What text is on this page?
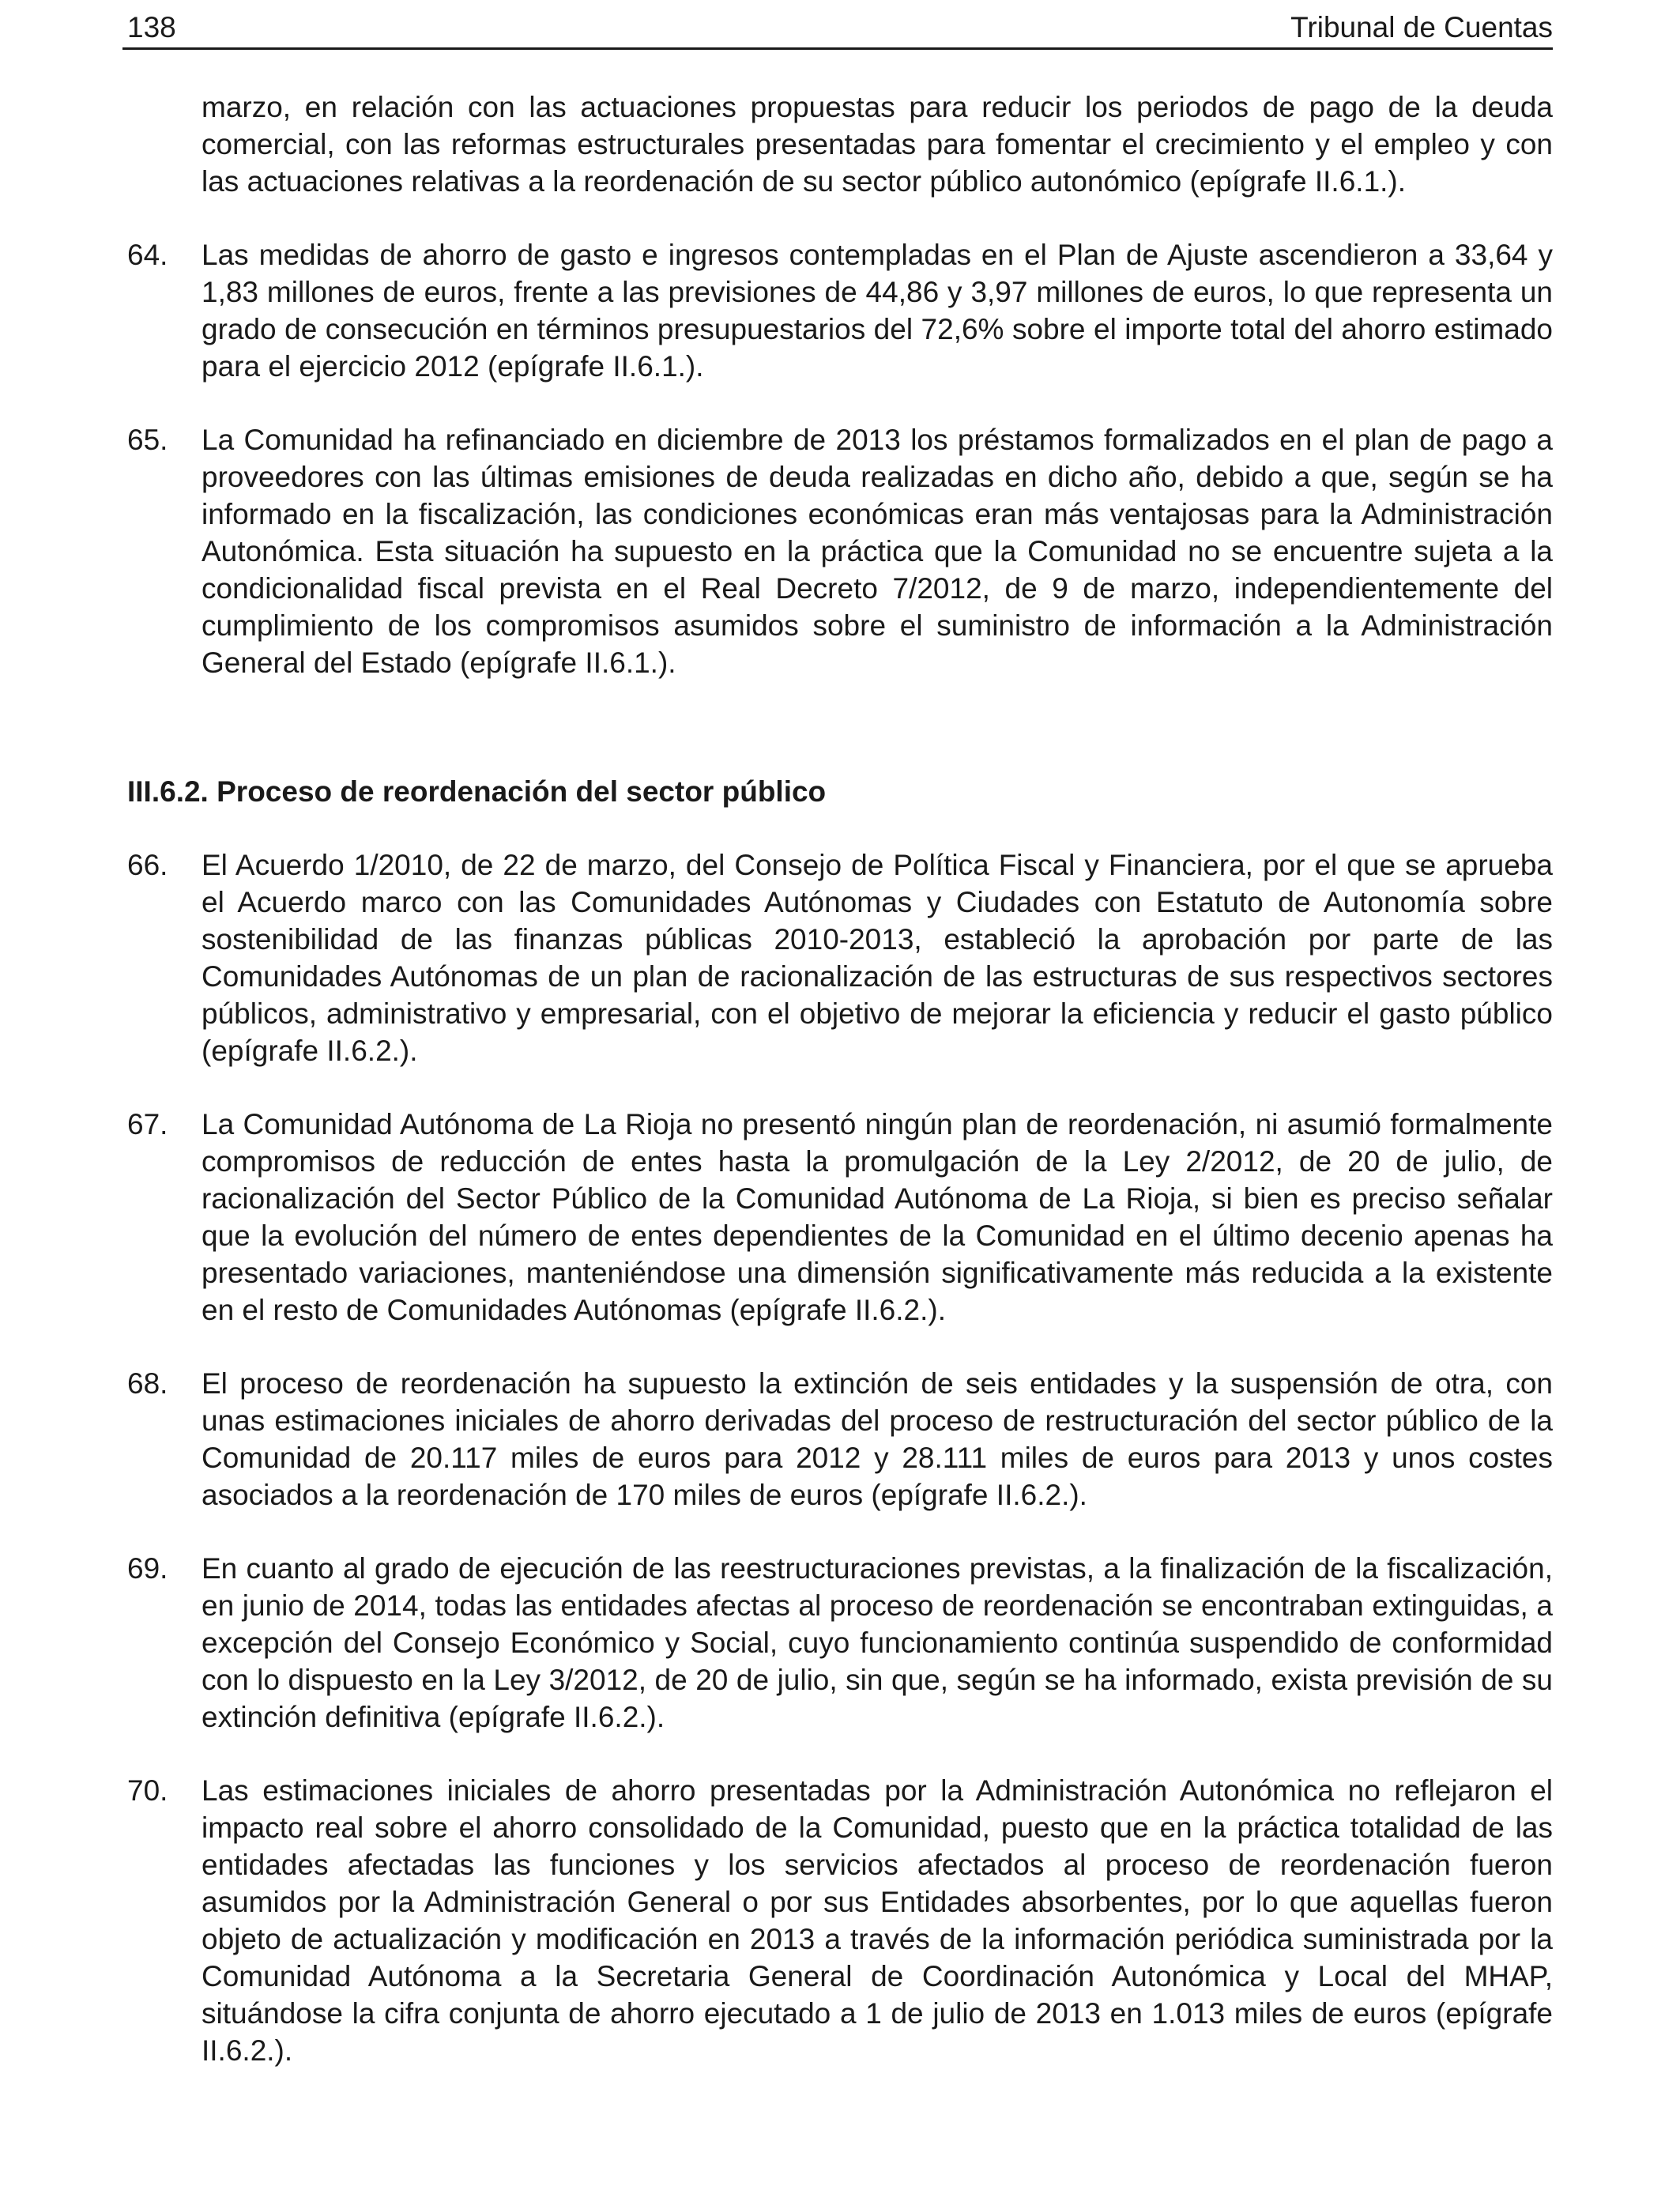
138	Tribunal de Cuentas
marzo, en relación con las actuaciones propuestas para reducir los periodos de pago de la deuda comercial, con las reformas estructurales presentadas para fomentar el crecimiento y el empleo y con las actuaciones relativas a la reordenación de su sector público autonómico (epígrafe II.6.1.).
64. Las medidas de ahorro de gasto e ingresos contempladas en el Plan de Ajuste ascendieron a 33,64 y 1,83 millones de euros, frente a las previsiones de 44,86 y 3,97 millones de euros, lo que representa un grado de consecución en términos presupuestarios del 72,6% sobre el importe total del ahorro estimado para el ejercicio 2012 (epígrafe II.6.1.).
65. La Comunidad ha refinanciado en diciembre de 2013 los préstamos formalizados en el plan de pago a proveedores con las últimas emisiones de deuda realizadas en dicho año, debido a que, según se ha informado en la fiscalización, las condiciones económicas eran más ventajosas para la Administración Autonómica. Esta situación ha supuesto en la práctica que la Comunidad no se encuentre sujeta a la condicionalidad fiscal prevista en el Real Decreto 7/2012, de 9 de marzo, independientemente del cumplimiento de los compromisos asumidos sobre el suministro de información a la Administración General del Estado (epígrafe II.6.1.).
III.6.2. Proceso de reordenación del sector público
66. El Acuerdo 1/2010, de 22 de marzo, del Consejo de Política Fiscal y Financiera, por el que se aprueba el Acuerdo marco con las Comunidades Autónomas y Ciudades con Estatuto de Autonomía sobre sostenibilidad de las finanzas públicas 2010-2013, estableció la aprobación por parte de las Comunidades Autónomas de un plan de racionalización de las estructuras de sus respectivos sectores públicos, administrativo y empresarial, con el objetivo de mejorar la eficiencia y reducir el gasto público (epígrafe II.6.2.).
67. La Comunidad Autónoma de La Rioja no presentó ningún plan de reordenación, ni asumió formalmente compromisos de reducción de entes hasta la promulgación de la Ley 2/2012, de 20 de julio, de racionalización del Sector Público de la Comunidad Autónoma de La Rioja, si bien es preciso señalar que la evolución del número de entes dependientes de la Comunidad en el último decenio apenas ha presentado variaciones, manteniéndose una dimensión significativamente más reducida a la existente en el resto de Comunidades Autónomas (epígrafe II.6.2.).
68. El proceso de reordenación ha supuesto la extinción de seis entidades y la suspensión de otra, con unas estimaciones iniciales de ahorro derivadas del proceso de restructuración del sector público de la Comunidad de 20.117 miles de euros para 2012 y 28.111 miles de euros para 2013 y unos costes asociados a la reordenación de 170 miles de euros (epígrafe II.6.2.).
69. En cuanto al grado de ejecución de las reestructuraciones previstas, a la finalización de la fiscalización, en junio de 2014, todas las entidades afectas al proceso de reordenación se encontraban extinguidas, a excepción del Consejo Económico y Social, cuyo funcionamiento continúa suspendido de conformidad con lo dispuesto en la Ley 3/2012, de 20 de julio, sin que, según se ha informado, exista previsión de su extinción definitiva (epígrafe II.6.2.).
70. Las estimaciones iniciales de ahorro presentadas por la Administración Autonómica no reflejaron el impacto real sobre el ahorro consolidado de la Comunidad, puesto que en la práctica totalidad de las entidades afectadas las funciones y los servicios afectados al proceso de reordenación fueron asumidos por la Administración General o por sus Entidades absorbentes, por lo que aquellas fueron objeto de actualización y modificación en 2013 a través de la información periódica suministrada por la Comunidad Autónoma a la Secretaria General de Coordinación Autonómica y Local del MHAP, situándose la cifra conjunta de ahorro ejecutado a 1 de julio de 2013 en 1.013 miles de euros (epígrafe II.6.2.).
